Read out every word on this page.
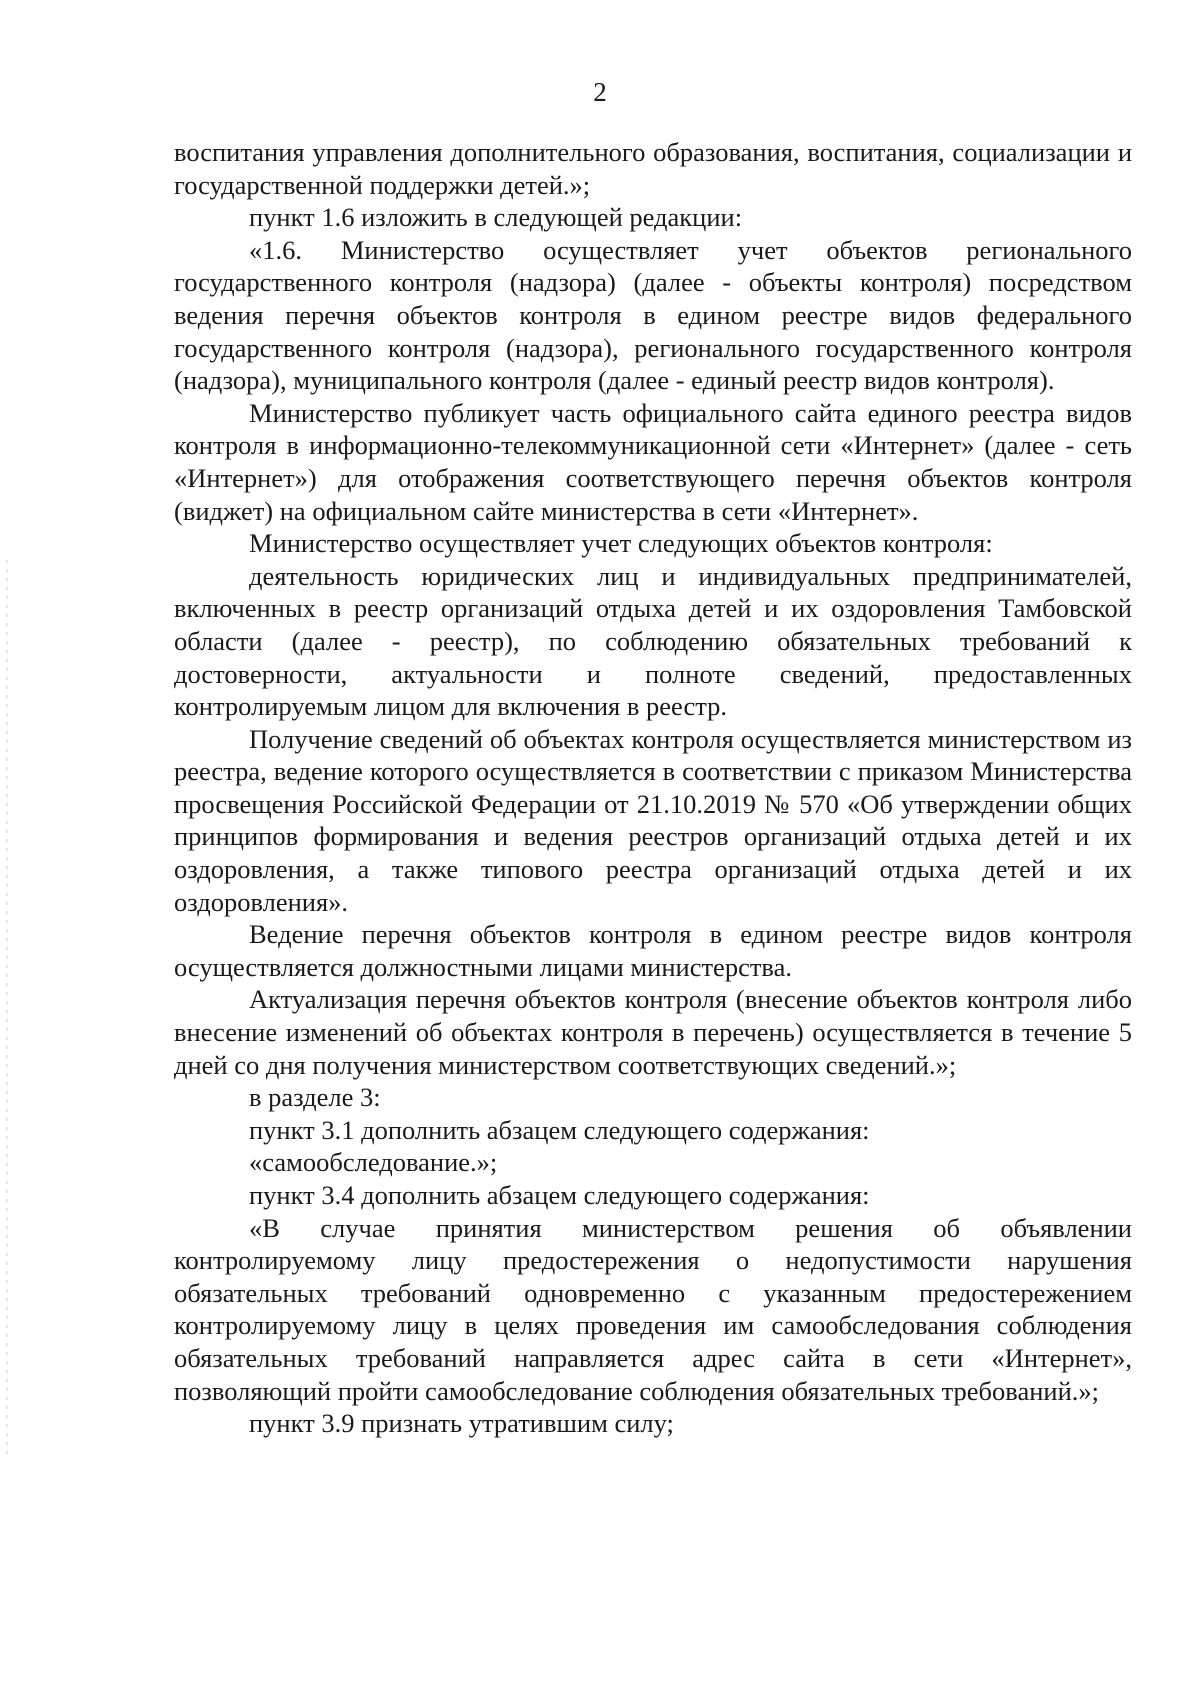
2

воспитания управления дополнительного образования, воспитания, социализации и государственной поддержки детей.»;

пункт 1.6 изложить в следующей редакции:

«1.6. Министерство осуществляет учет объектов регионального государственного контроля (надзора) (далее - объекты контроля) посредством ведения перечня объектов контроля в едином реестре видов федерального государственного контроля (надзора), регионального государственного контроля (надзора), муниципального контроля (далее - единый реестр видов контроля).

Министерство публикует часть официального сайта единого реестра видов контроля в информационно-телекоммуникационной сети «Интернет» (далее - сеть «Интернет») для отображения соответствующего перечня объектов контроля (виджет) на официальном сайте министерства в сети «Интернет».

Министерство осуществляет учет следующих объектов контроля:

деятельность юридических лиц и индивидуальных предпринимателей, включенных в реестр организаций отдыха детей и их оздоровления Тамбовской области (далее - реестр), по соблюдению обязательных требований к достоверности, актуальности и полноте сведений, предоставленных контролируемым лицом для включения в реестр.

Получение сведений об объектах контроля осуществляется министерством из реестра, ведение которого осуществляется в соответствии с приказом Министерства просвещения Российской Федерации от 21.10.2019 № 570 «Об утверждении общих принципов формирования и ведения реестров организаций отдыха детей и их оздоровления, а также типового реестра организаций отдыха детей и их оздоровления».

Ведение перечня объектов контроля в едином реестре видов контроля осуществляется должностными лицами министерства.

Актуализация перечня объектов контроля (внесение объектов контроля либо внесение изменений об объектах контроля в перечень) осуществляется в течение 5 дней со дня получения министерством соответствующих сведений.»;

в разделе 3:

пункт 3.1 дополнить абзацем следующего содержания:

«самообследование.»;

пункт 3.4 дополнить абзацем следующего содержания:

«В случае принятия министерством решения об объявлении контролируемому лицу предостережения о недопустимости нарушения обязательных требований одновременно с указанным предостережением контролируемому лицу в целях проведения им самообследования соблюдения обязательных требований направляется адрес сайта в сети «Интернет», позволяющий пройти самообследование соблюдения обязательных требований.»;

пункт 3.9 признать утратившим силу;
